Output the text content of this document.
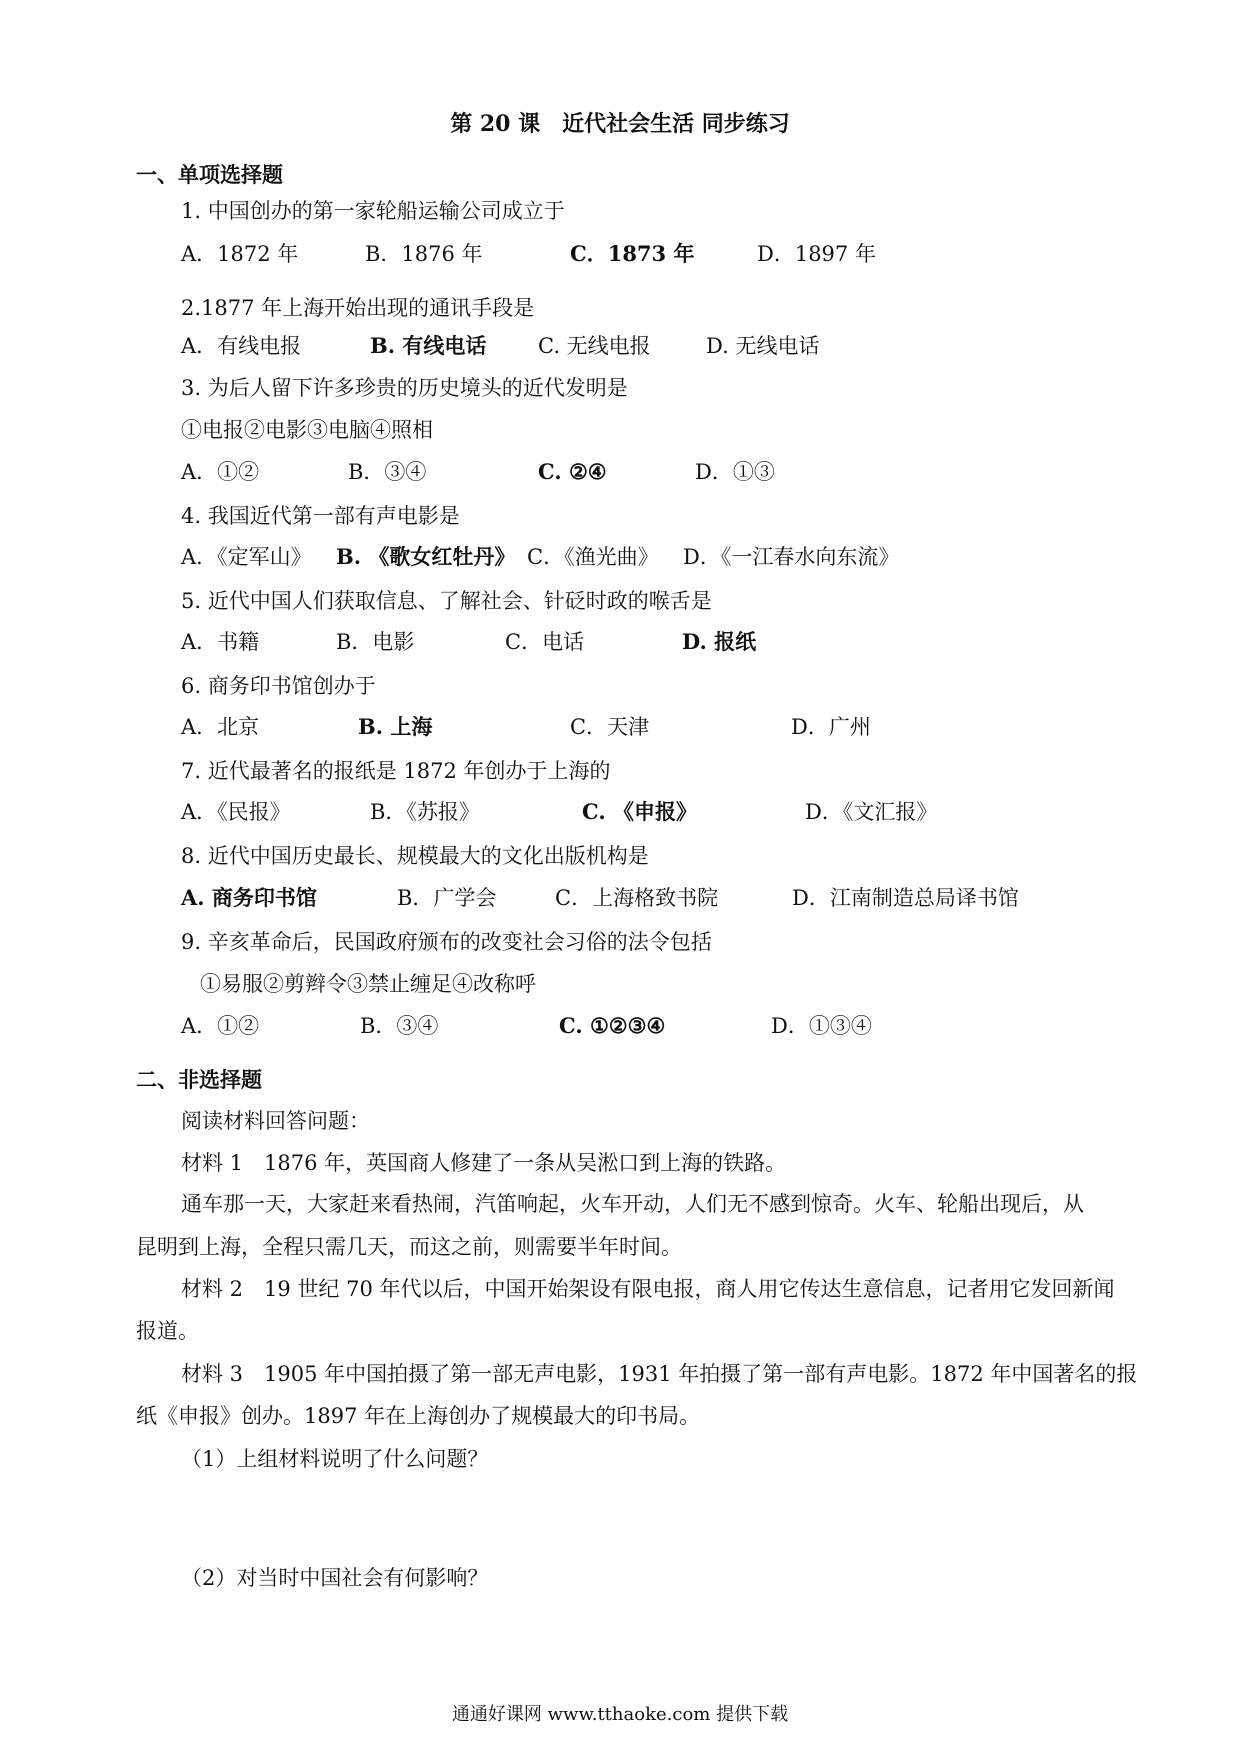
第 20 课　近代社会生活 同步练习
一、单项选择题
1. 中国创办的第一家轮船运输公司成立于
A．1872 年	B．1876 年	C．1873 年	D．1897 年
2.1877 年上海开始出现的通讯手段是
A．有线电报	B. 有线电话 C. 无线电报	D. 无线电话
3. 为后人留下许多珍贵的历史境头的近代发明是
①电报②电影③电脑④照相
A．①②	B．③④	C. ②④	D．①③
4. 我国近代第一部有声电影是
A．《定军山》 B. 《歌女红牡丹》 C．《渔光曲》 D．《一江春水向东流》
5. 近代中国人们获取信息、了解社会、针砭时政的喉舌是
A．书籍	B．电影	C．电话	D. 报纸
6. 商务印书馆创办于
A．北京	B. 上海	C．天津	D．广州
7. 近代最著名的报纸是 1872 年创办于上海的
A．《民报》	B．《苏报》	C. 《申报》	D．《文汇报》
8. 近代中国历史最长、规模最大的文化出版机构是
A. 商务印书馆	B．广学会	C．上海格致书院	D．江南制造总局译书馆
9. 辛亥革命后，民国政府颁布的改变社会习俗的法令包括
①易服②剪辫令③禁止缠足④改称呼
A．①②	B．③④	C. ①②③④	D．①③④
二、非选择题
阅读材料回答问题：
材料 1　1876 年，英国商人修建了一条从吴淞口到上海的铁路。
通车那一天，大家赶来看热闹，汽笛响起，火车开动，人们无不感到惊奇。火车、轮船出现后，从
昆明到上海，全程只需几天，而这之前，则需要半年时间。
材料 2　19 世纪 70 年代以后，中国开始架设有限电报，商人用它传达生意信息，记者用它发回新闻
报道。
材料 3　1905 年中国拍摄了第一部无声电影，1931 年拍摄了第一部有声电影。1872 年中国著名的报
纸《申报》创办。1897 年在上海创办了规模最大的印书局。
（1）上组材料说明了什么问题？
（2）对当时中国社会有何影响？
通通好课网 www.tthaoke.com 提供下载
